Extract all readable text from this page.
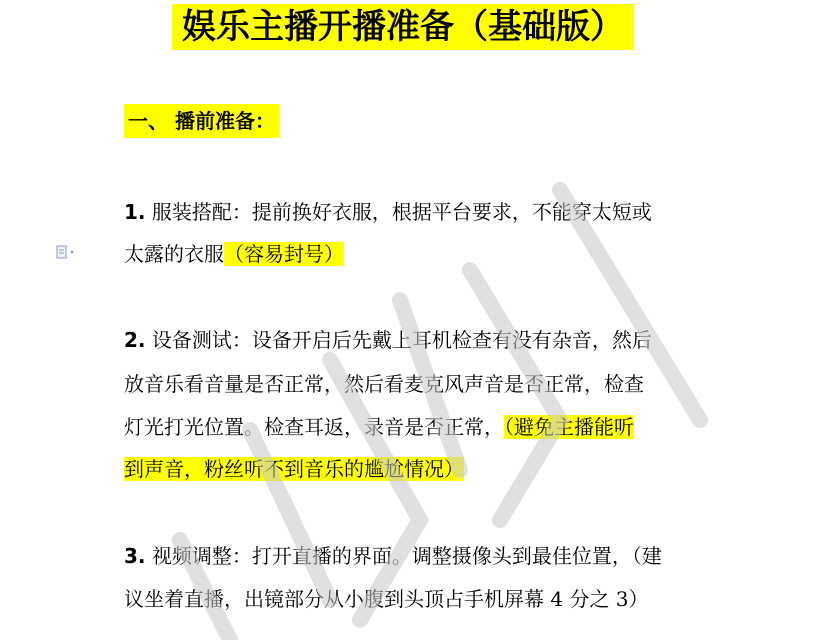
娱乐主播开播准备（基础版）
一、 播前准备：
1. 服装搭配：提前换好衣服，根据平台要求，不能穿太短或
太露的衣服（容易封号）
2. 设备测试：设备开启后先戴上耳机检查有没有杂音，然后
放音乐看音量是否正常，然后看麦克风声音是否正常，检查
灯光打光位置。检查耳返，录音是否正常，（避免主播能听
到声音，粉丝听不到音乐的尴尬情况）
3. 视频调整：打开直播的界面。调整摄像头到最佳位置，（建
议坐着直播，出镜部分从小腹到头顶占手机屏幕 4 分之 3）
